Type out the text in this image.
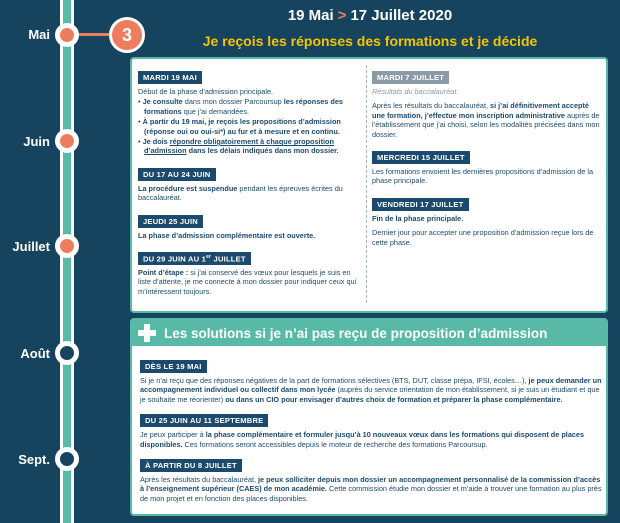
Mai
Juin
Juillet
Août
Sept.
3
19 Mai > 17 Juillet 2020
Je reçois les réponses des formations et je décide
MARDI 19 MAI
Début de la phase d’admission principale.
• Je consulte dans mon dossier Parcoursup les réponses des formations que j’ai demandées.
• À partir du 19 mai, je reçois les propositions d’admission (réponse oui ou oui-si*) au fur et à mesure et en continu.
• Je dois répondre obligatoirement à chaque proposition d’admission dans les délais indiqués dans mon dossier.
DU 17 AU 24 JUIN
La procédure est suspendue pendant les épreuves écrites du baccalauréat.
JEUDI 25 JUIN
La phase d’admission complémentaire est ouverte.
DU 29 JUIN AU 1er JUILLET
Point d’étape : si j’ai conservé des vœux pour lesquels je suis en liste d’attente, je me connecte à mon dossier pour indiquer ceux qui m’intéressent toujours.
MARDI 7 JUILLET
Résultats du baccalauréat.
Après les résultats du baccalauréat, si j’ai définitivement accepté une formation, j’effectue mon inscription administrative auprès de l’établissement que j’ai choisi, selon les modalités précisées dans mon dossier.
MERCREDI 15 JUILLET
Les formations envoient les dernières propositions d’admission de la phase principale.
VENDREDI 17 JUILLET
Fin de la phase principale.
Dernier jour pour accepter une proposition d’admission reçue lors de cette phase.
Les solutions si je n’ai pas reçu de proposition d’admission
DÈS LE 19 MAI
Si je n’ai reçu que des réponses négatives de la part de formations sélectives (BTS, DUT, classe prépa, IFSI, écoles…), je peux demander un accompagnement individuel ou collectif dans mon lycée (auprès du service orientation de mon établissement, si je suis un étudiant et que je souhaite me réorienter) ou dans un CIO pour envisager d’autres choix de formation et préparer la phase complémentaire.
DU 25 JUIN AU 11 SEPTEMBRE
Je peux participer à la phase complémentaire et formuler jusqu’à 10 nouveaux vœux dans les formations qui disposent de places disponibles. Ces formations seront accessibles depuis le moteur de recherche des formations Parcoursup.
À PARTIR DU 8 JUILLET
Après les résultats du baccalauréat, je peux solliciter depuis mon dossier un accompagnement personnalisé de la commission d’accès à l’enseignement supérieur (CAES) de mon académie. Cette commission étudie mon dossier et m’aide à trouver une formation au plus près de mon projet et en fonction des places disponibles.
